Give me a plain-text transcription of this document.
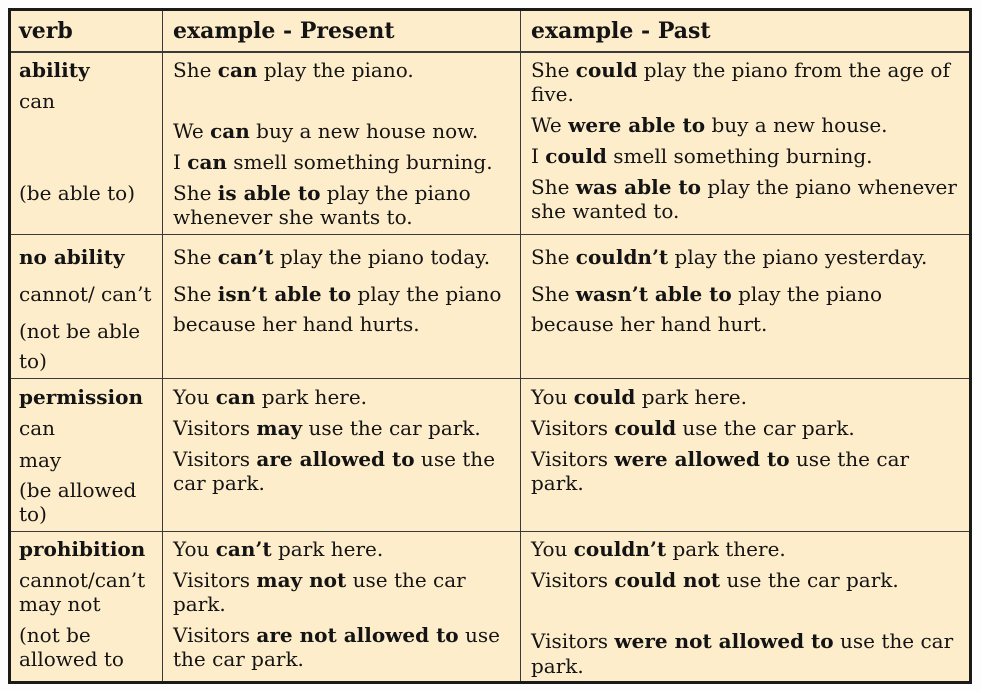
verb	example - Present	example - Past

ability

can

(be able to)

She can play the piano.

We can buy a new house now.

I can smell something burning.

She is able to play the piano

whenever she wants to.

She could play the piano from the age of

five.

We were able to buy a new house.

I could smell something burning.

She was able to play the piano whenever

she wanted to.

no ability

cannot/ can’t

(not be able

to)

She can’t play the piano today.

She isn’t able to play the piano

because her hand hurts.

She couldn’t play the piano yesterday.

She wasn’t able to play the piano

because her hand hurt.

permission

can

may

(be allowed

to)

You can park here.

Visitors may use the car park.

Visitors are allowed to use the

car park.

You could park here.

Visitors could use the car park.

Visitors were allowed to use the car

park.

prohibition

cannot/can’t

may not

(not be

allowed to

You can’t park here.

Visitors may not use the car

park.

Visitors are not allowed to use

the car park.

You couldn’t park there.

Visitors could not use the car park.

Visitors were not allowed to use the car

park.
